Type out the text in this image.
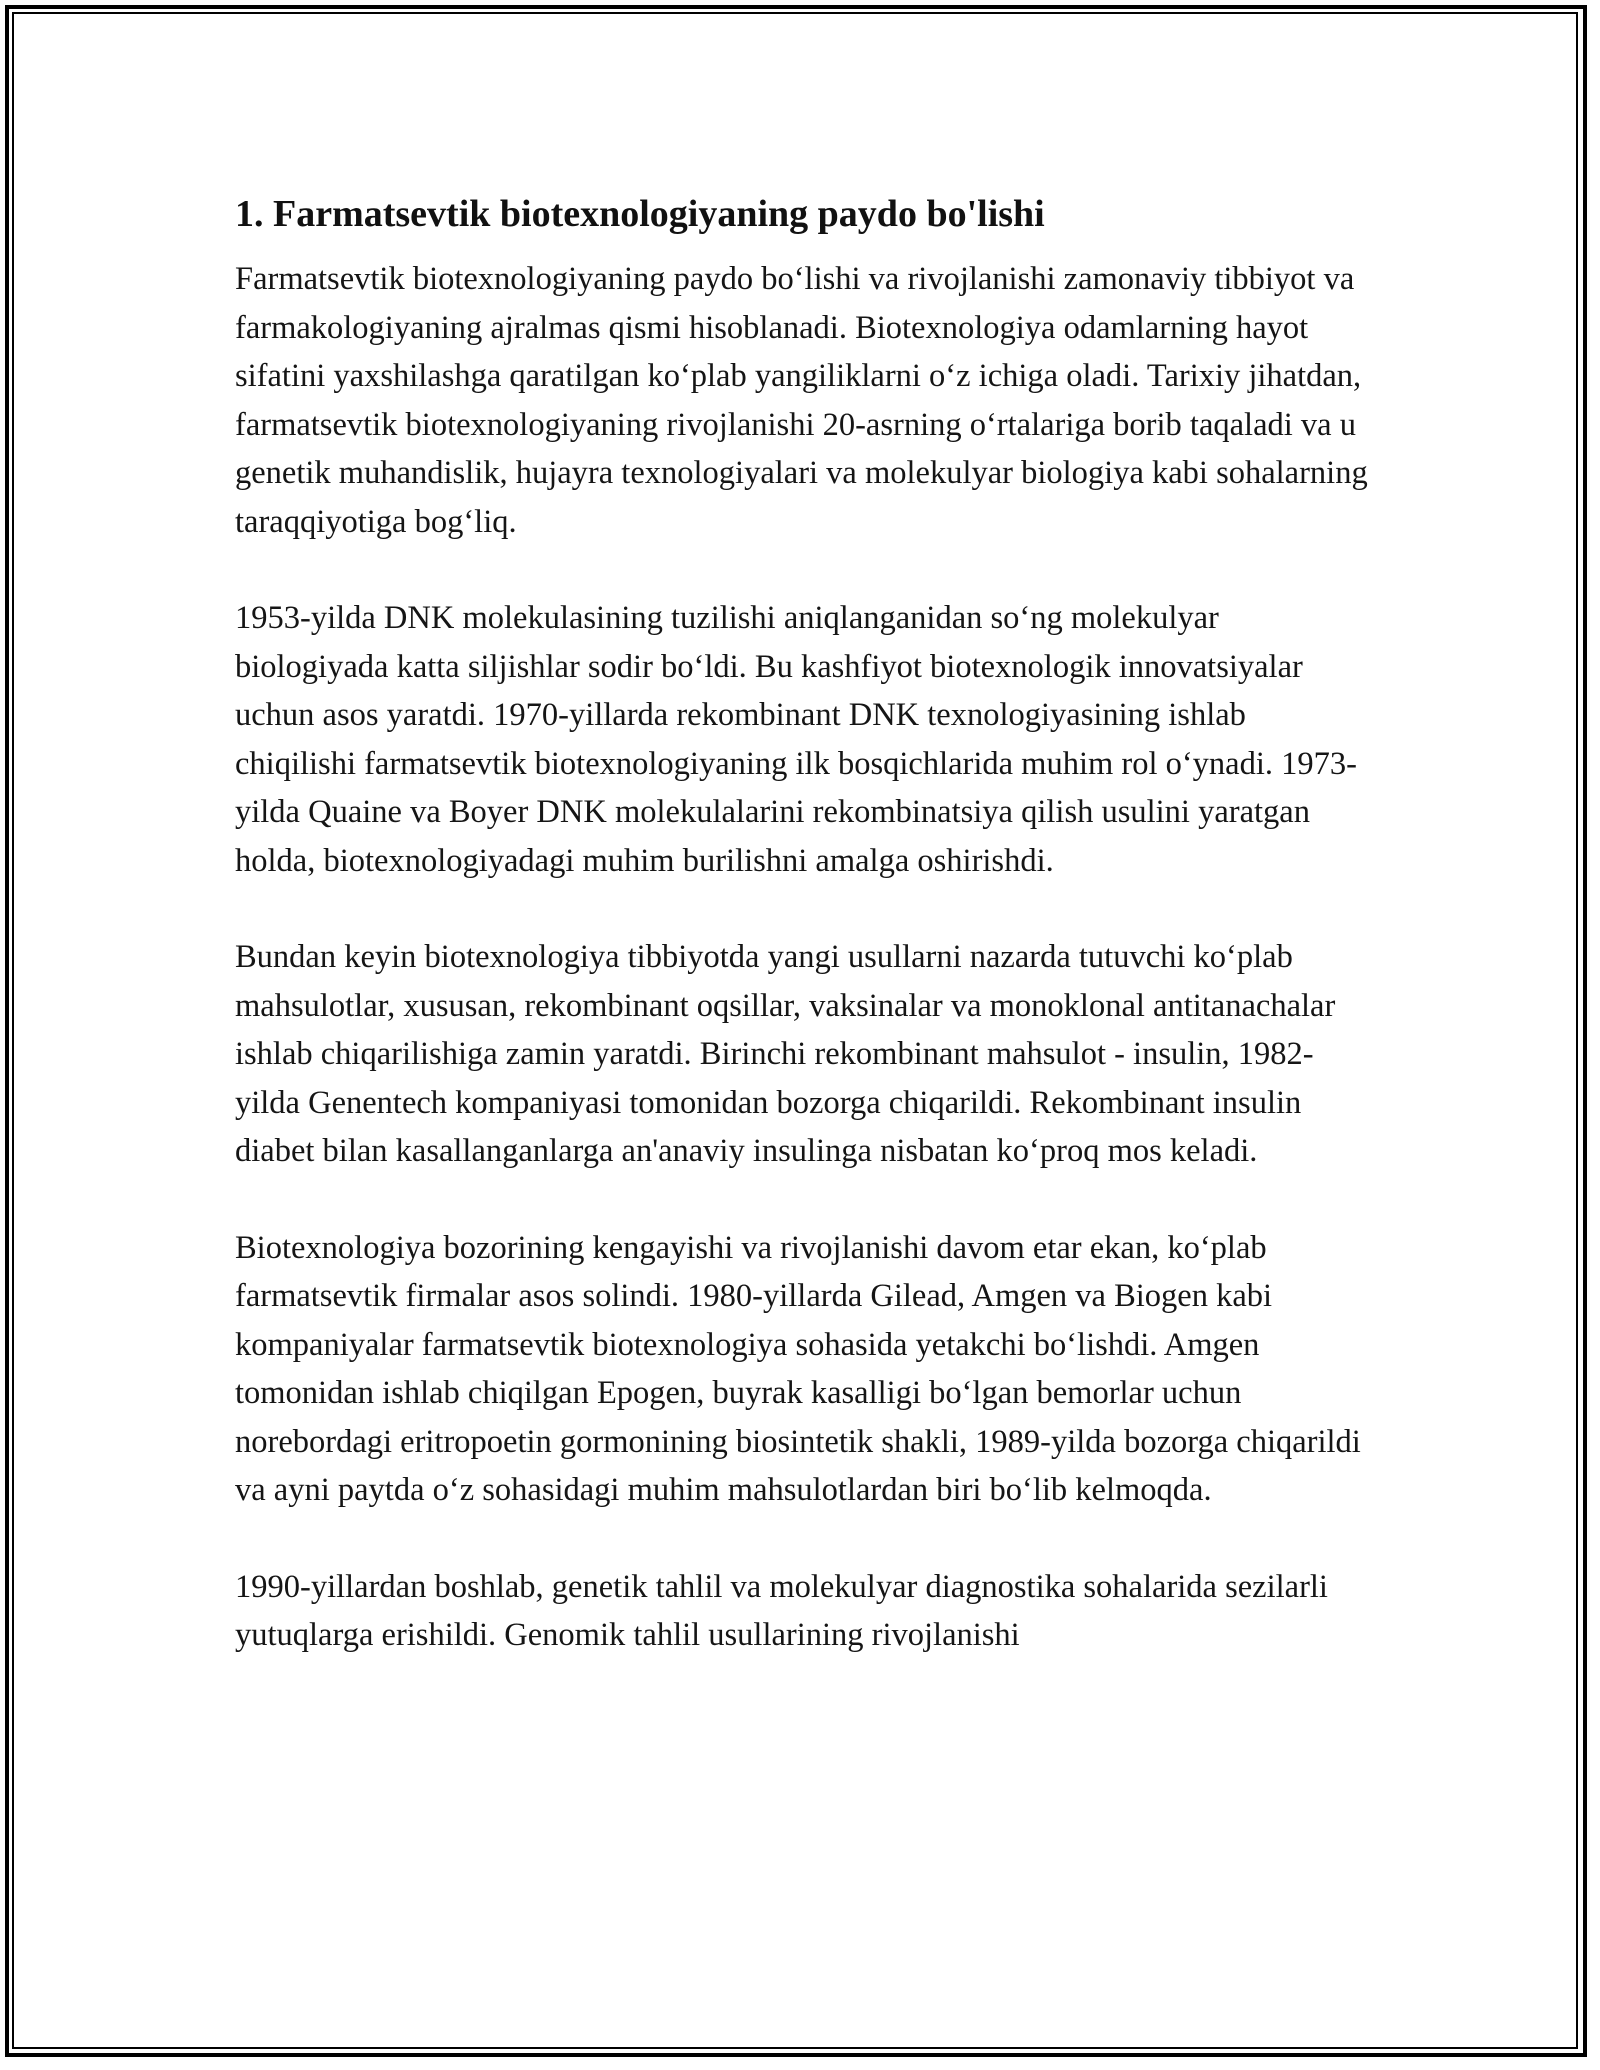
1. Farmatsevtik biotexnologiyaning paydo bo'lishi

Farmatsevtik biotexnologiyaning paydo bo‘lishi va rivojlanishi zamonaviy tibbiyot va farmakologiyaning ajralmas qismi hisoblanadi. Biotexnologiya odamlarning hayot sifatini yaxshilashga qaratilgan ko‘plab yangiliklarni o‘z ichiga oladi. Tarixiy jihatdan, farmatsevtik biotexnologiyaning rivojlanishi 20-asrning o‘rtalariga borib taqaladi va u genetik muhandislik, hujayra texnologiyalari va molekulyar biologiya kabi sohalarning taraqqiyotiga bog‘liq.

1953-yilda DNK molekulasining tuzilishi aniqlanganidan so‘ng molekulyar biologiyada katta siljishlar sodir bo‘ldi. Bu kashfiyot biotexnologik innovatsiyalar uchun asos yaratdi. 1970-yillarda rekombinant DNK texnologiyasining ishlab chiqilishi farmatsevtik biotexnologiyaning ilk bosqichlarida muhim rol o‘ynadi. 1973-yilda Quaine va Boyer DNK molekulalarini rekombinatsiya qilish usulini yaratgan holda, biotexnologiyadagi muhim burilishni amalga oshirishdi.

Bundan keyin biotexnologiya tibbiyotda yangi usullarni nazarda tutuvchi ko‘plab mahsulotlar, xususan, rekombinant oqsillar, vaksinalar va monoklonal antitanachalar ishlab chiqarilishiga zamin yaratdi. Birinchi rekombinant mahsulot - insulin, 1982-yilda Genentech kompaniyasi tomonidan bozorga chiqarildi. Rekombinant insulin diabet bilan kasallanganlarga an'anaviy insulinga nisbatan ko‘proq mos keladi.

Biotexnologiya bozorining kengayishi va rivojlanishi davom etar ekan, ko‘plab farmatsevtik firmalar asos solindi. 1980-yillarda Gilead, Amgen va Biogen kabi kompaniyalar farmatsevtik biotexnologiya sohasida yetakchi bo‘lishdi. Amgen tomonidan ishlab chiqilgan Epogen, buyrak kasalligi bo‘lgan bemorlar uchun norebordagi eritropoetin gormonining biosintetik shakli, 1989-yilda bozorga chiqarildi va ayni paytda o‘z sohasidagi muhim mahsulotlardan biri bo‘lib kelmoqda.

1990-yillardan boshlab, genetik tahlil va molekulyar diagnostika sohalarida sezilarli yutuqlarga erishildi. Genomik tahlil usullarining rivojlanishi
